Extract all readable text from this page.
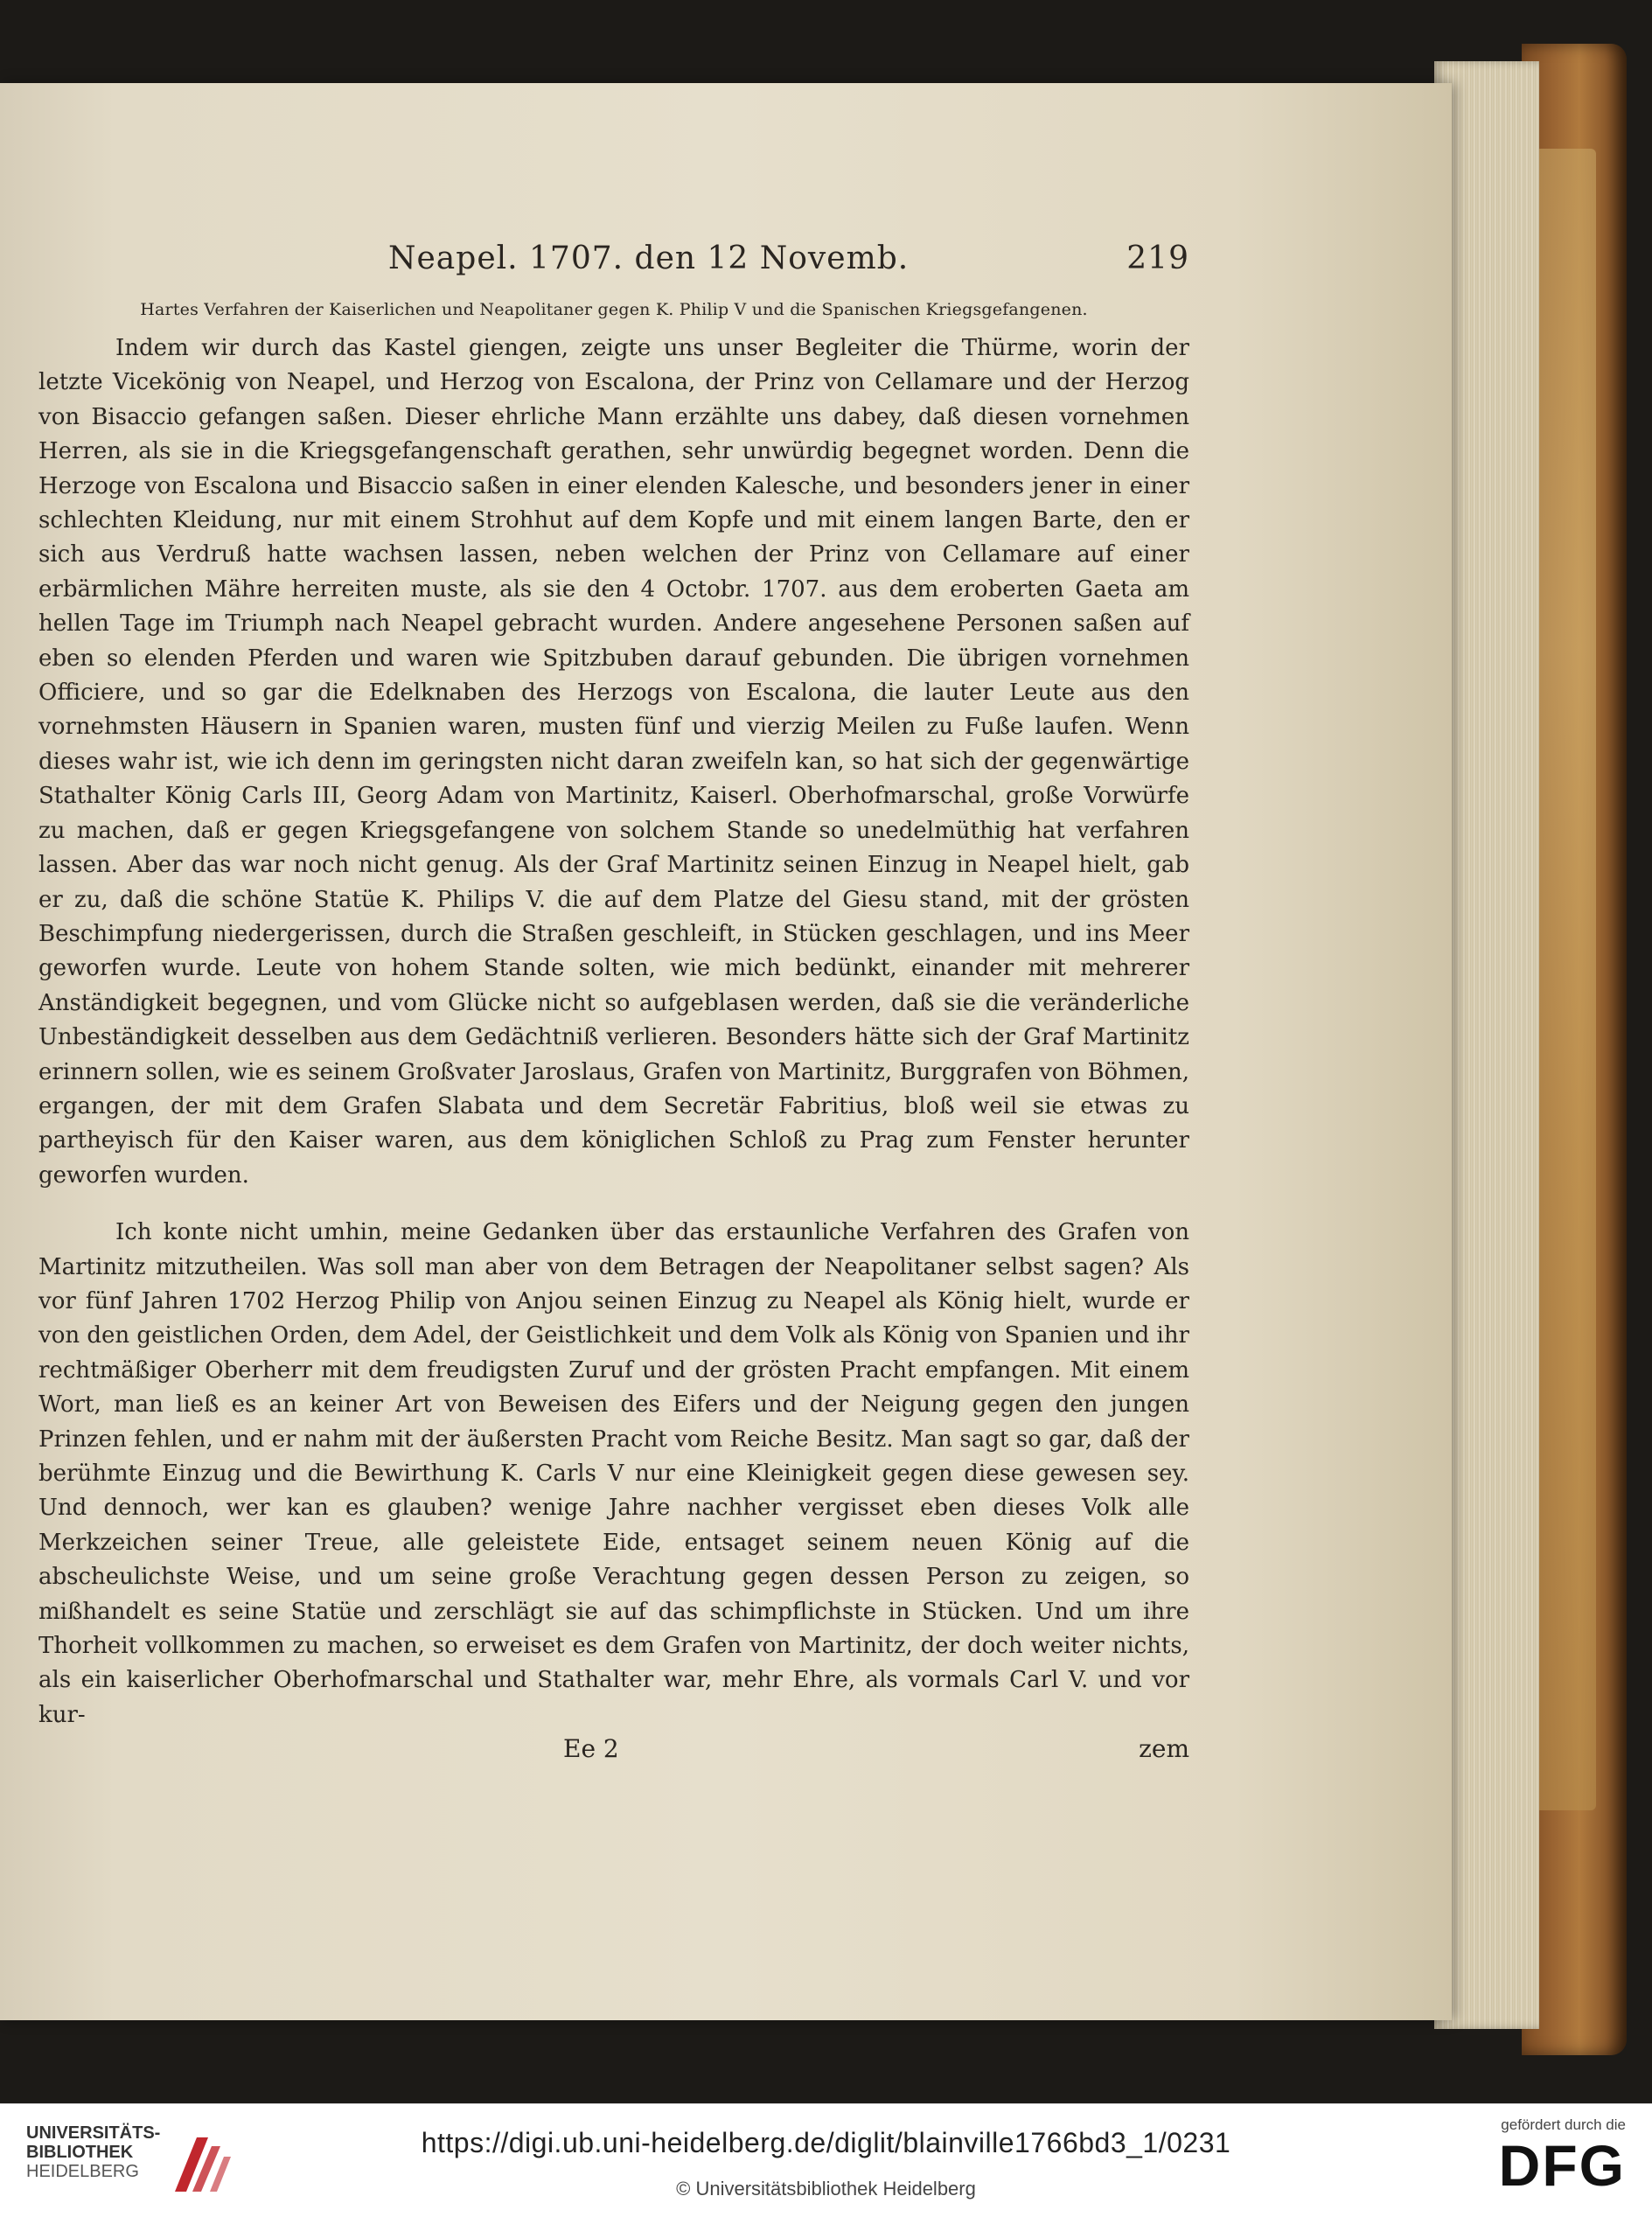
Neapel. 1707. den 12 Novemb.	219
Hartes Verfahren der Kaiserlichen und Neapolitaner gegen K. Philip V und die Spanischen Kriegsgefangenen.

Indem wir durch das Kastel giengen, zeigte uns unser Begleiter die Thürme, worin der letzte Vicekönig von Neapel, und Herzog von Escalona, der Prinz von Cellamare und der Herzog von Bisaccio gefangen saßen. Dieser ehrliche Mann erzählte uns dabey, daß diesen vornehmen Herren, als sie in die Kriegsgefangenschaft gerathen, sehr unwürdig begegnet worden. Denn die Herzoge von Escalona und Bisaccio saßen in einer elenden Kalesche, und besonders jener in einer schlechten Kleidung, nur mit einem Strohhut auf dem Kopfe und mit einem langen Barte, den er sich aus Verdruß hatte wachsen lassen, neben welchen der Prinz von Cellamare auf einer erbärmlichen Mähre herreiten muste, als sie den 4 Octobr. 1707. aus dem eroberten Gaeta am hellen Tage im Triumph nach Neapel gebracht wurden. Andere angesehene Personen saßen auf eben so elenden Pferden und waren wie Spitzbuben darauf gebunden. Die übrigen vornehmen Officiere, und so gar die Edelknaben des Herzogs von Escalona, die lauter Leute aus den vornehmsten Häusern in Spanien waren, musten fünf und vierzig Meilen zu Fuße laufen. Wenn dieses wahr ist, wie ich denn im geringsten nicht daran zweifeln kan, so hat sich der gegenwärtige Stathalter König Carls III, Georg Adam von Martinitz, Kaiserl. Oberhofmarschal, große Vorwürfe zu machen, daß er gegen Kriegsgefangene von solchem Stande so unedelmüthig hat verfahren lassen. Aber das war noch nicht genug. Als der Graf Martinitz seinen Einzug in Neapel hielt, gab er zu, daß die schöne Statüe K. Philips V. die auf dem Platze del Giesu stand, mit der grösten Beschimpfung niedergerissen, durch die Straßen geschleift, in Stücken geschlagen, und ins Meer geworfen wurde. Leute von hohem Stande solten, wie mich bedünkt, einander mit mehrerer Anständigkeit begegnen, und vom Glücke nicht so aufgeblasen werden, daß sie die veränderliche Unbeständigkeit desselben aus dem Gedächtniß verlieren. Besonders hätte sich der Graf Martinitz erinnern sollen, wie es seinem Großvater Jaroslaus, Grafen von Martinitz, Burggrafen von Böhmen, ergangen, der mit dem Grafen Slabata und dem Secretär Fabritius, bloß weil sie etwas zu partheyisch für den Kaiser waren, aus dem königlichen Schloß zu Prag zum Fenster herunter geworfen wurden.

Ich konte nicht umhin, meine Gedanken über das erstaunliche Verfahren des Grafen von Martinitz mitzutheilen. Was soll man aber von dem Betragen der Neapolitaner selbst sagen? Als vor fünf Jahren 1702 Herzog Philip von Anjou seinen Einzug zu Neapel als König hielt, wurde er von den geistlichen Orden, dem Adel, der Geistlichkeit und dem Volk als König von Spanien und ihr rechtmäßiger Oberherr mit dem freudigsten Zuruf und der grösten Pracht empfangen. Mit einem Wort, man ließ es an keiner Art von Beweisen des Eifers und der Neigung gegen den jungen Prinzen fehlen, und er nahm mit der äußersten Pracht vom Reiche Besitz. Man sagt so gar, daß der berühmte Einzug und die Bewirthung K. Carls V nur eine Kleinigkeit gegen diese gewesen sey. Und dennoch, wer kan es glauben? wenige Jahre nachher vergisset eben dieses Volk alle Merkzeichen seiner Treue, alle geleistete Eide, entsaget seinem neuen König auf die abscheulichste Weise, und um seine große Verachtung gegen dessen Person zu zeigen, so mißhandelt es seine Statüe und zerschlägt sie auf das schimpflichste in Stücken. Und um ihre Thorheit vollkommen zu machen, so erweiset es dem Grafen von Martinitz, der doch weiter nichts, als ein kaiserlicher Oberhofmarschal und Stathalter war, mehr Ehre, als vormals Carl V. und vor kur-

Ee 2	zem
UNIVERSITÄTS-
BIBLIOTHEK
HEIDELBERG
https://digi.ub.uni-heidelberg.de/diglit/blainville1766bd3_1/0231
© Universitätsbibliothek Heidelberg
gefördert durch die
DFG
